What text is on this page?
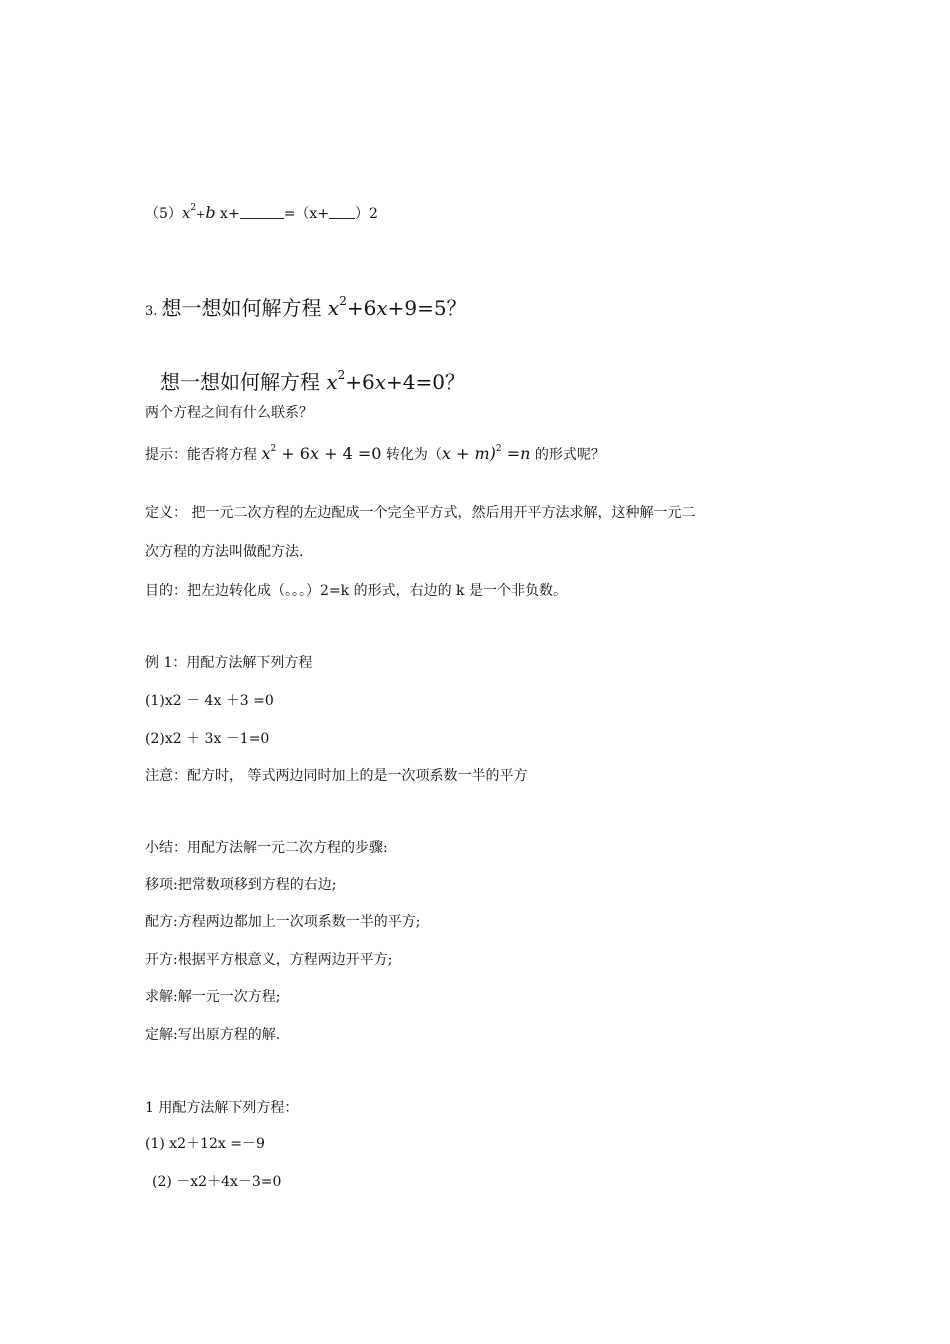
$(5)x^2+b$ x+	=（x+ ）2
3. 想一想如何解方程 $x^2+6x+9=5$？
想一想如何解方程 $x^2+6x+4=0$？
两个方程之间有什么联系？
提示：能否将方程 $x^2 + 6x + 4 =0$ 转化为（x + m)$^2$ =n 的形式呢？
定义： 把一元二次方程的左边配成一个完全平方式，然后用开平方法求解，这种解一元二
次方程的方法叫做配方法.
目的：把左边转化成（。。。）2=k 的形式，右边的 k 是一个非负数。
例 1：用配方法解下列方程
(1)x2 － 4x ＋3 =0
(2)x2 ＋ 3x －1=0
注意：配方时， 等式两边同时加上的是一次项系数一半的平方
小结：用配方法解一元二次方程的步骤:
移项:把常数项移到方程的右边;
配方:方程两边都加上一次项系数一半的平方;
开方:根据平方根意义，方程两边开平方;
求解:解一元一次方程;
定解:写出原方程的解.
1 用配方法解下列方程：
(1) x2＋12x =－9
(2) －x2＋4x－3=0
